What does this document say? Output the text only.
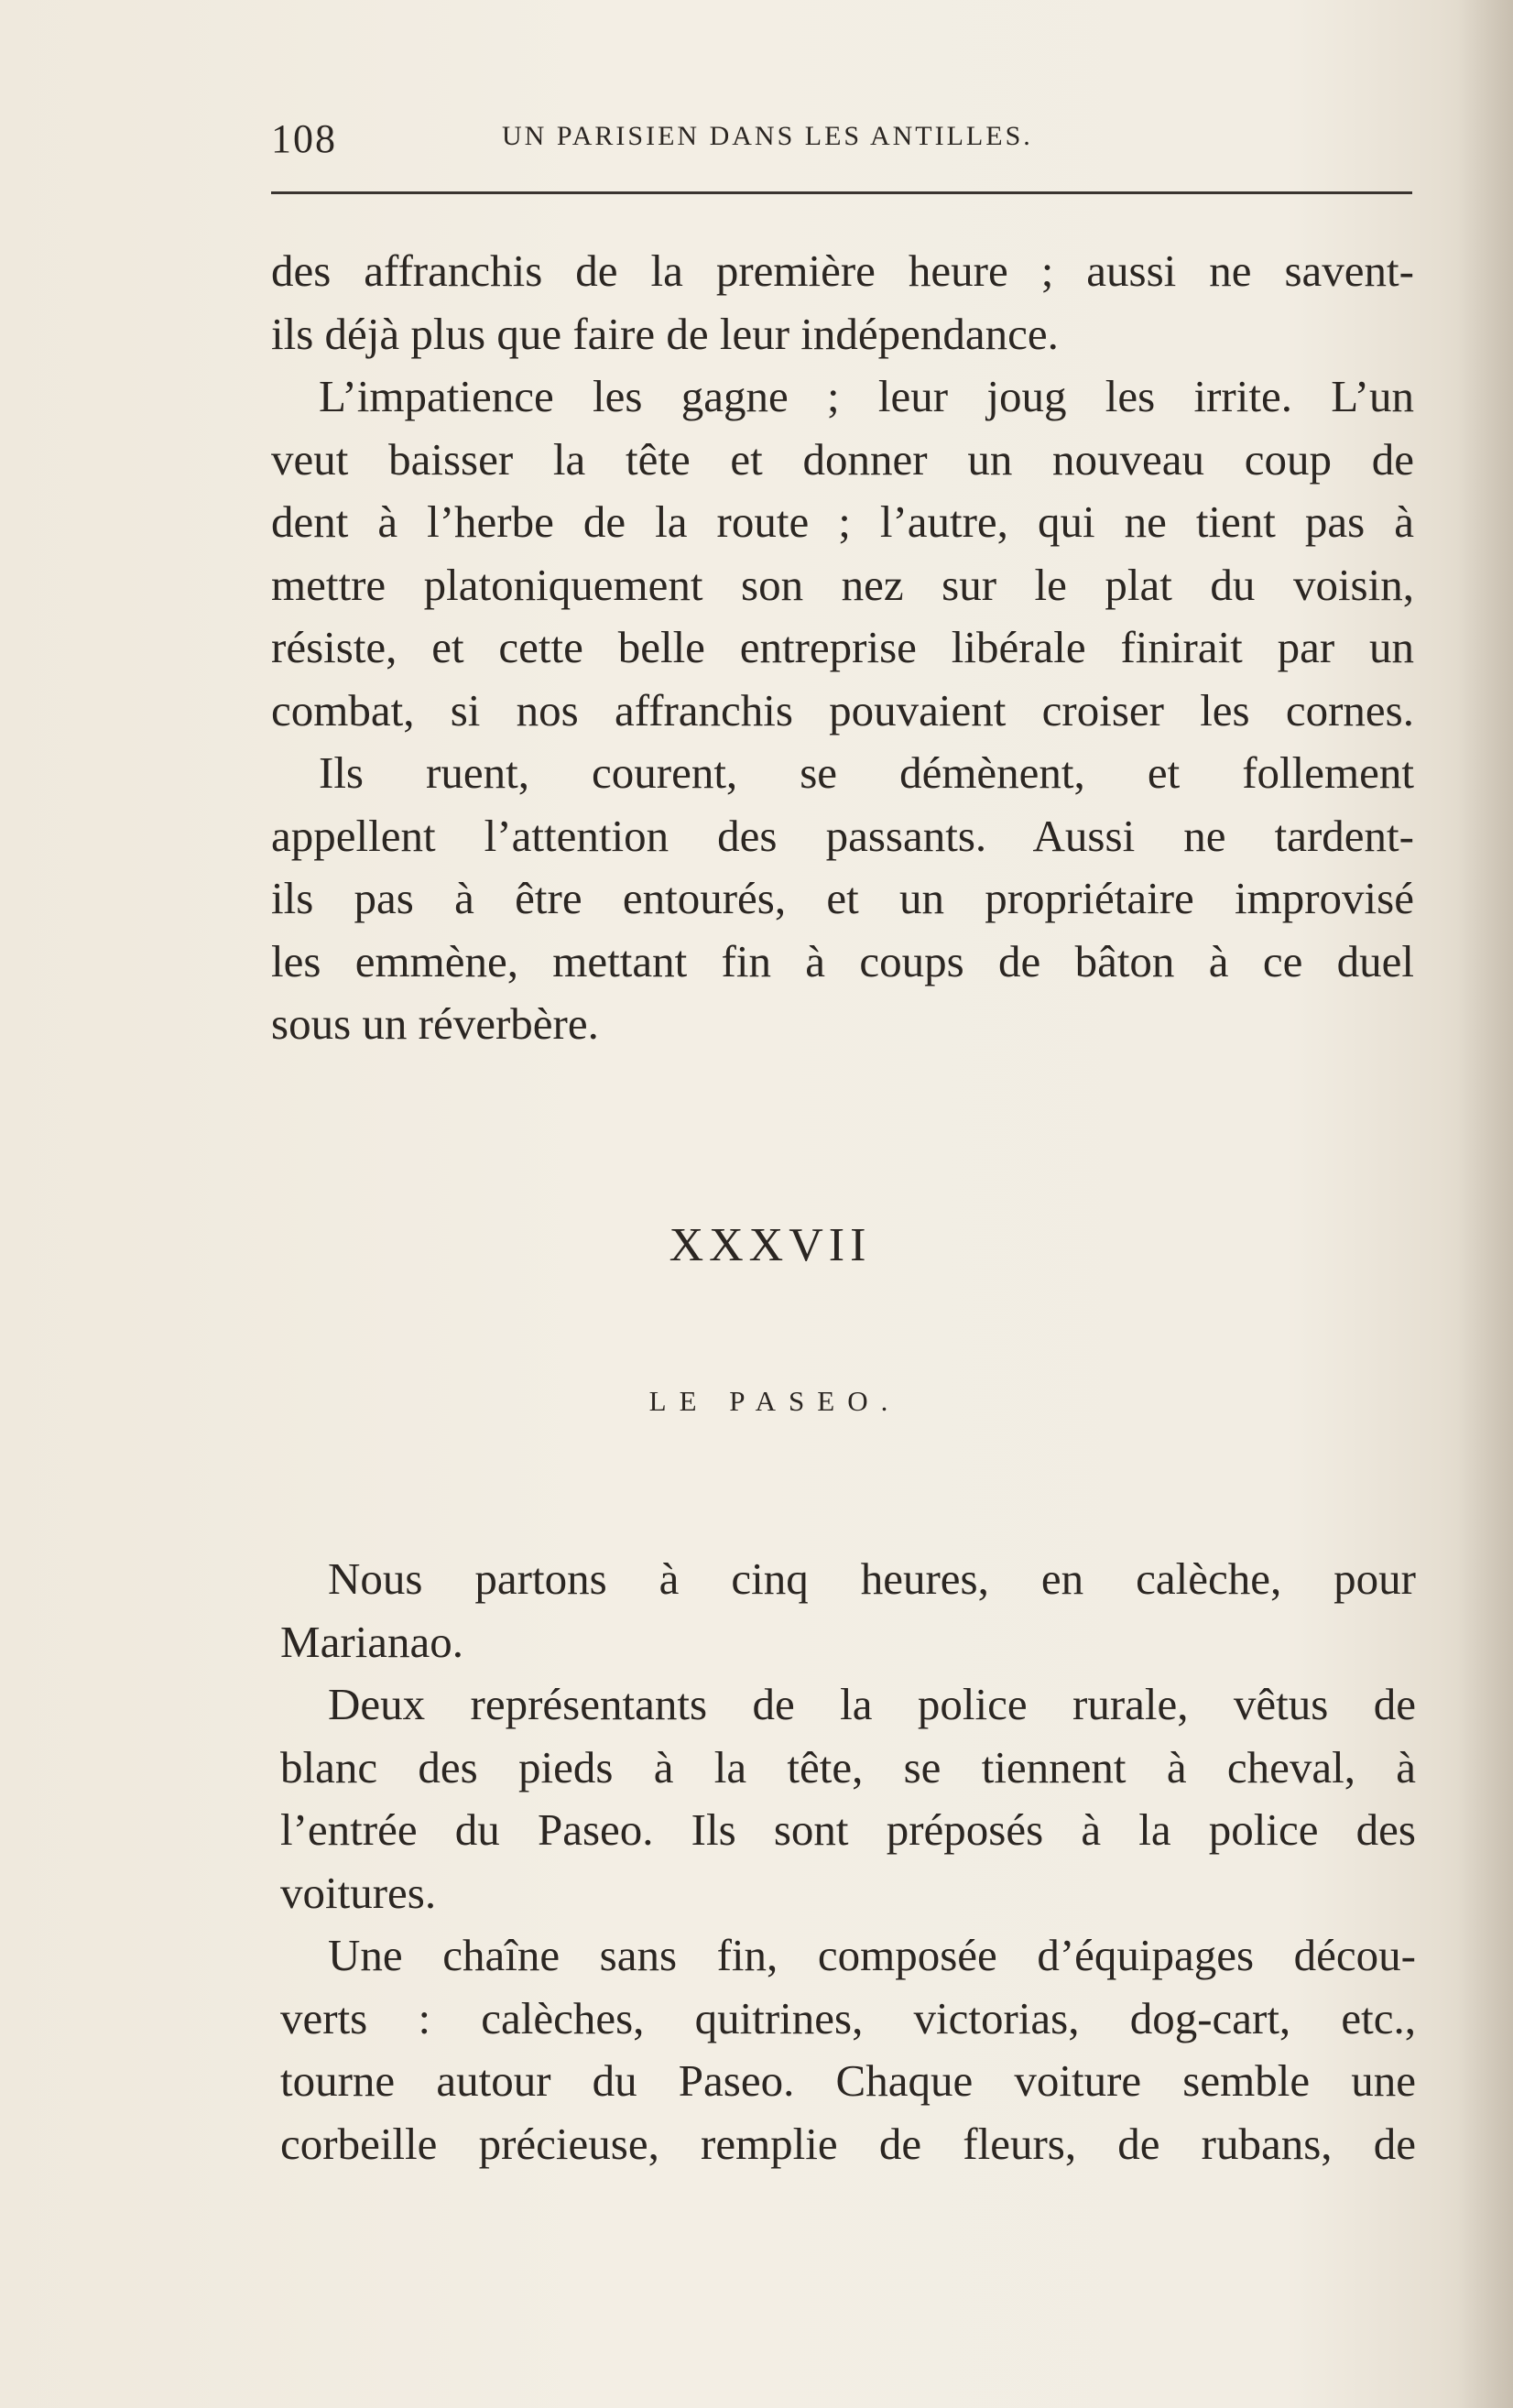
108	UN PARISIEN DANS LES ANTILLES.
des affranchis de la première heure ; aussi ne savent-
ils déjà plus que faire de leur indépendance.
L’impatience les gagne ; leur joug les irrite. L’un
veut baisser la tête et donner un nouveau coup de
dent à l’herbe de la route ; l’autre, qui ne tient pas à
mettre platoniquement son nez sur le plat du voisin,
résiste, et cette belle entreprise libérale finirait par un
combat, si nos affranchis pouvaient croiser les cornes.
Ils ruent, courent, se démènent, et follement
appellent l’attention des passants. Aussi ne tardent-
ils pas à être entourés, et un propriétaire improvisé
les emmène, mettant fin à coups de bâton à ce duel
sous un réverbère.
XXXVII
LE PASEO.
Nous partons à cinq heures, en calèche, pour
Marianao.
Deux représentants de la police rurale, vêtus de
blanc des pieds à la tête, se tiennent à cheval, à
l’entrée du Paseo. Ils sont préposés à la police des
voitures.
Une chaîne sans fin, composée d’équipages décou-
verts : calèches, quitrines, victorias, dog-cart, etc.,
tourne autour du Paseo. Chaque voiture semble une
corbeille précieuse, remplie de fleurs, de rubans, de
